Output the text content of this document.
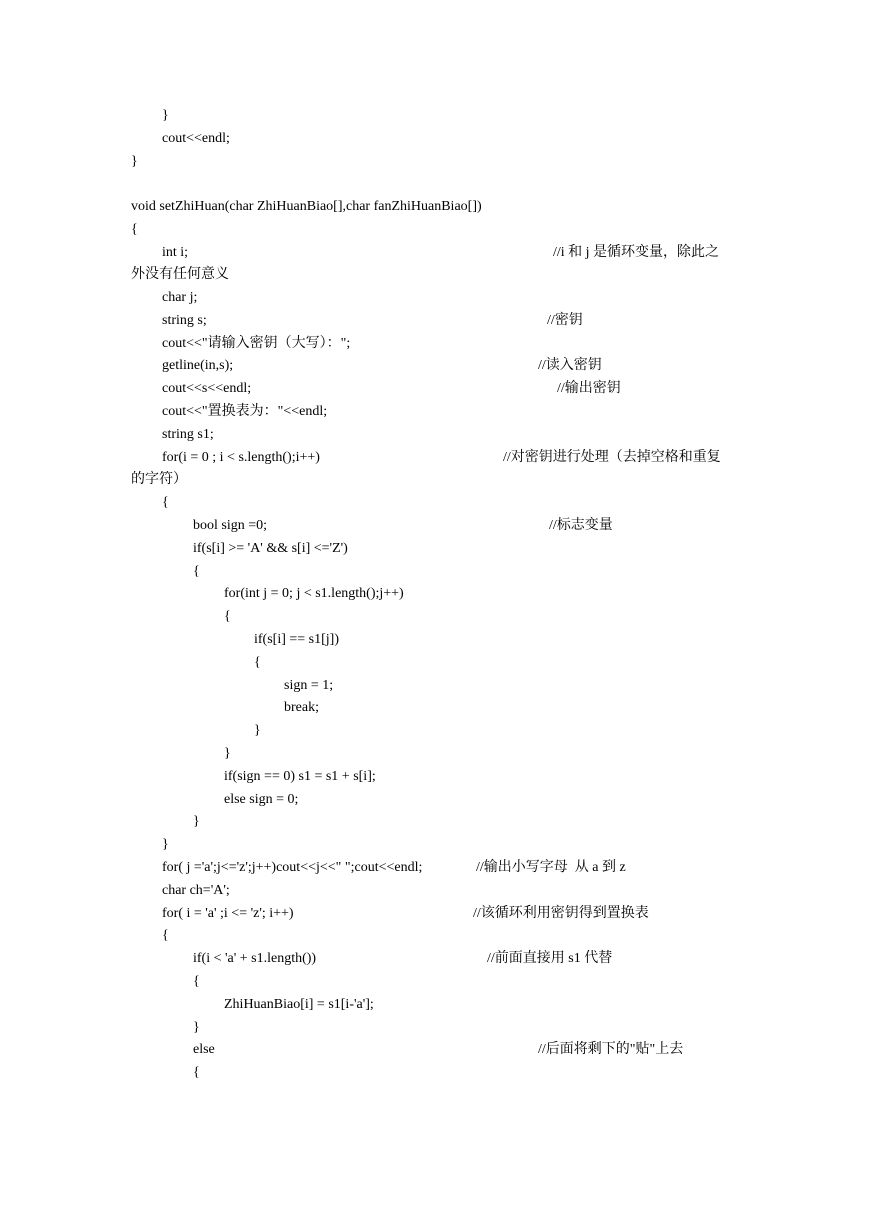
}
cout<<endl;
}
void setZhiHuan(char ZhiHuanBiao[],char fanZhiHuanBiao[])
{
int i;	//i 和 j 是循环变量，除此之
外没有任何意义
char j;
string s;	//密钥
cout<<"请输入密钥（大写）：";
getline(in,s);	//读入密钥
cout<<s<<endl;	//输出密钥
cout<<"置换表为："<<endl;
string s1;
for(i = 0 ; i < s.length();i++)	//对密钥进行处理（去掉空格和重复
的字符）
{
bool sign =0;	//标志变量
if(s[i] >= 'A' && s[i] <='Z')
{
for(int j = 0; j < s1.length();j++)
{
if(s[i] == s1[j])
{
sign = 1;
break;
}
}
if(sign == 0) s1 = s1 + s[i];
else sign = 0;
}
}
for( j ='a';j<='z';j++)cout<<j<<" ";cout<<endl;	//输出小写字母  从 a 到 z
char ch='A';
for( i = 'a' ;i <= 'z'; i++)	//该循环利用密钥得到置换表
{
if(i < 'a' + s1.length())	//前面直接用 s1 代替
{
ZhiHuanBiao[i] = s1[i-'a'];
}
else	//后面将剩下的"贴"上去
{
